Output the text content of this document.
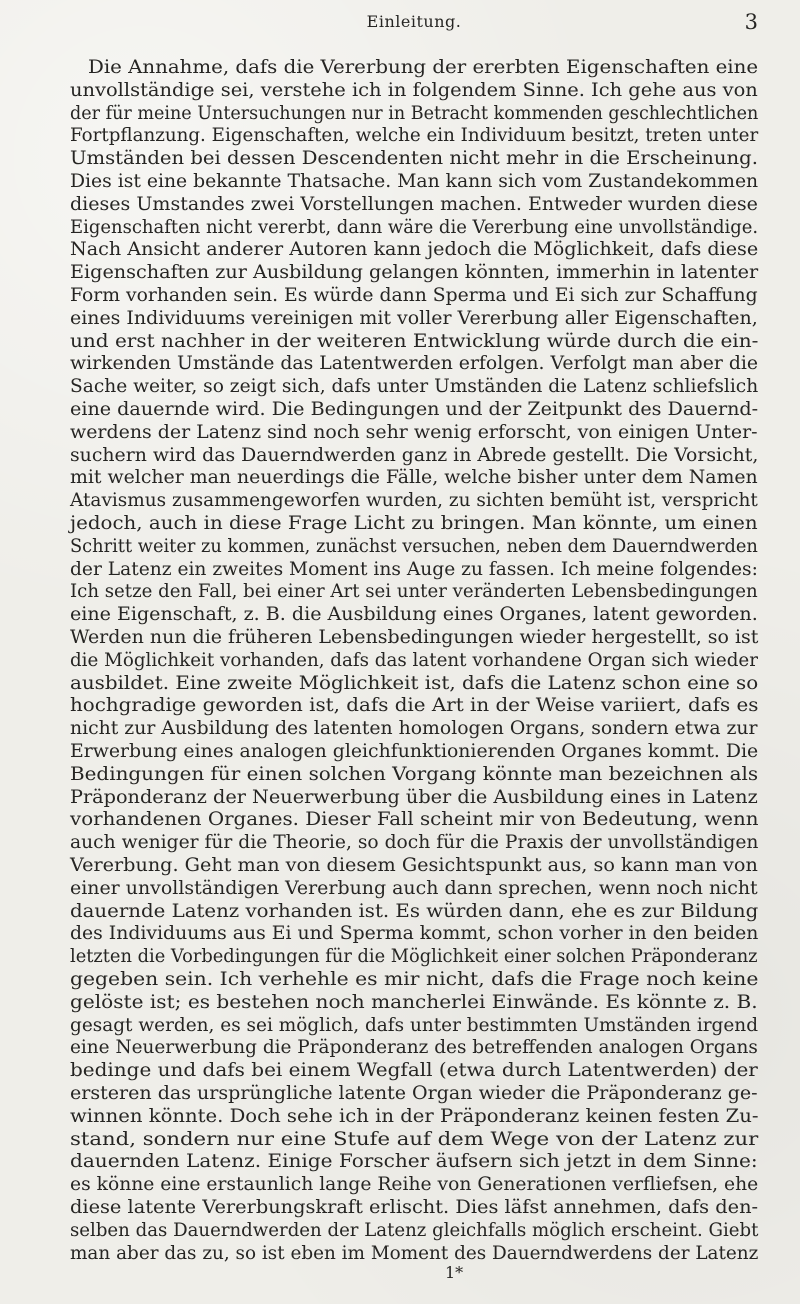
Einleitung.	3
Die Annahme, dafs die Vererbung der ererbten Eigenschaften eine
unvollständige sei, verstehe ich in folgendem Sinne. Ich gehe aus von
der für meine Untersuchungen nur in Betracht kommenden geschlechtlichen
Fortpflanzung. Eigenschaften, welche ein Individuum besitzt, treten unter
Umständen bei dessen Descendenten nicht mehr in die Erscheinung.
Dies ist eine bekannte Thatsache. Man kann sich vom Zustandekommen
dieses Umstandes zwei Vorstellungen machen. Entweder wurden diese
Eigenschaften nicht vererbt, dann wäre die Vererbung eine unvollständige.
Nach Ansicht anderer Autoren kann jedoch die Möglichkeit, dafs diese
Eigenschaften zur Ausbildung gelangen könnten, immerhin in latenter
Form vorhanden sein. Es würde dann Sperma und Ei sich zur Schaffung
eines Individuums vereinigen mit voller Vererbung aller Eigenschaften,
und erst nachher in der weiteren Entwicklung würde durch die ein-
wirkenden Umstände das Latentwerden erfolgen. Verfolgt man aber die
Sache weiter, so zeigt sich, dafs unter Umständen die Latenz schliefslich
eine dauernde wird. Die Bedingungen und der Zeitpunkt des Dauernd-
werdens der Latenz sind noch sehr wenig erforscht, von einigen Unter-
suchern wird das Dauerndwerden ganz in Abrede gestellt. Die Vorsicht,
mit welcher man neuerdings die Fälle, welche bisher unter dem Namen
Atavismus zusammengeworfen wurden, zu sichten bemüht ist, verspricht
jedoch, auch in diese Frage Licht zu bringen. Man könnte, um einen
Schritt weiter zu kommen, zunächst versuchen, neben dem Dauerndwerden
der Latenz ein zweites Moment ins Auge zu fassen. Ich meine folgendes:
Ich setze den Fall, bei einer Art sei unter veränderten Lebensbedingungen
eine Eigenschaft, z. B. die Ausbildung eines Organes, latent geworden.
Werden nun die früheren Lebensbedingungen wieder hergestellt, so ist
die Möglichkeit vorhanden, dafs das latent vorhandene Organ sich wieder
ausbildet. Eine zweite Möglichkeit ist, dafs die Latenz schon eine so
hochgradige geworden ist, dafs die Art in der Weise variiert, dafs es
nicht zur Ausbildung des latenten homologen Organs, sondern etwa zur
Erwerbung eines analogen gleichfunktionierenden Organes kommt. Die
Bedingungen für einen solchen Vorgang könnte man bezeichnen als
Präponderanz der Neuerwerbung über die Ausbildung eines in Latenz
vorhandenen Organes. Dieser Fall scheint mir von Bedeutung, wenn
auch weniger für die Theorie, so doch für die Praxis der unvollständigen
Vererbung. Geht man von diesem Gesichtspunkt aus, so kann man von
einer unvollständigen Vererbung auch dann sprechen, wenn noch nicht
dauernde Latenz vorhanden ist. Es würden dann, ehe es zur Bildung
des Individuums aus Ei und Sperma kommt, schon vorher in den beiden
letzten die Vorbedingungen für die Möglichkeit einer solchen Präponderanz
gegeben sein. Ich verhehle es mir nicht, dafs die Frage noch keine
gelöste ist; es bestehen noch mancherlei Einwände. Es könnte z. B.
gesagt werden, es sei möglich, dafs unter bestimmten Umständen irgend
eine Neuerwerbung die Präponderanz des betreffenden analogen Organs
bedinge und dafs bei einem Wegfall (etwa durch Latentwerden) der
ersteren das ursprüngliche latente Organ wieder die Präponderanz ge-
winnen könnte. Doch sehe ich in der Präponderanz keinen festen Zu-
stand, sondern nur eine Stufe auf dem Wege von der Latenz zur
dauernden Latenz. Einige Forscher äufsern sich jetzt in dem Sinne:
es könne eine erstaunlich lange Reihe von Generationen verfliefsen, ehe
diese latente Vererbungskraft erlischt. Dies läfst annehmen, dafs den-
selben das Dauerndwerden der Latenz gleichfalls möglich erscheint. Giebt
man aber das zu, so ist eben im Moment des Dauerndwerdens der Latenz
1*
